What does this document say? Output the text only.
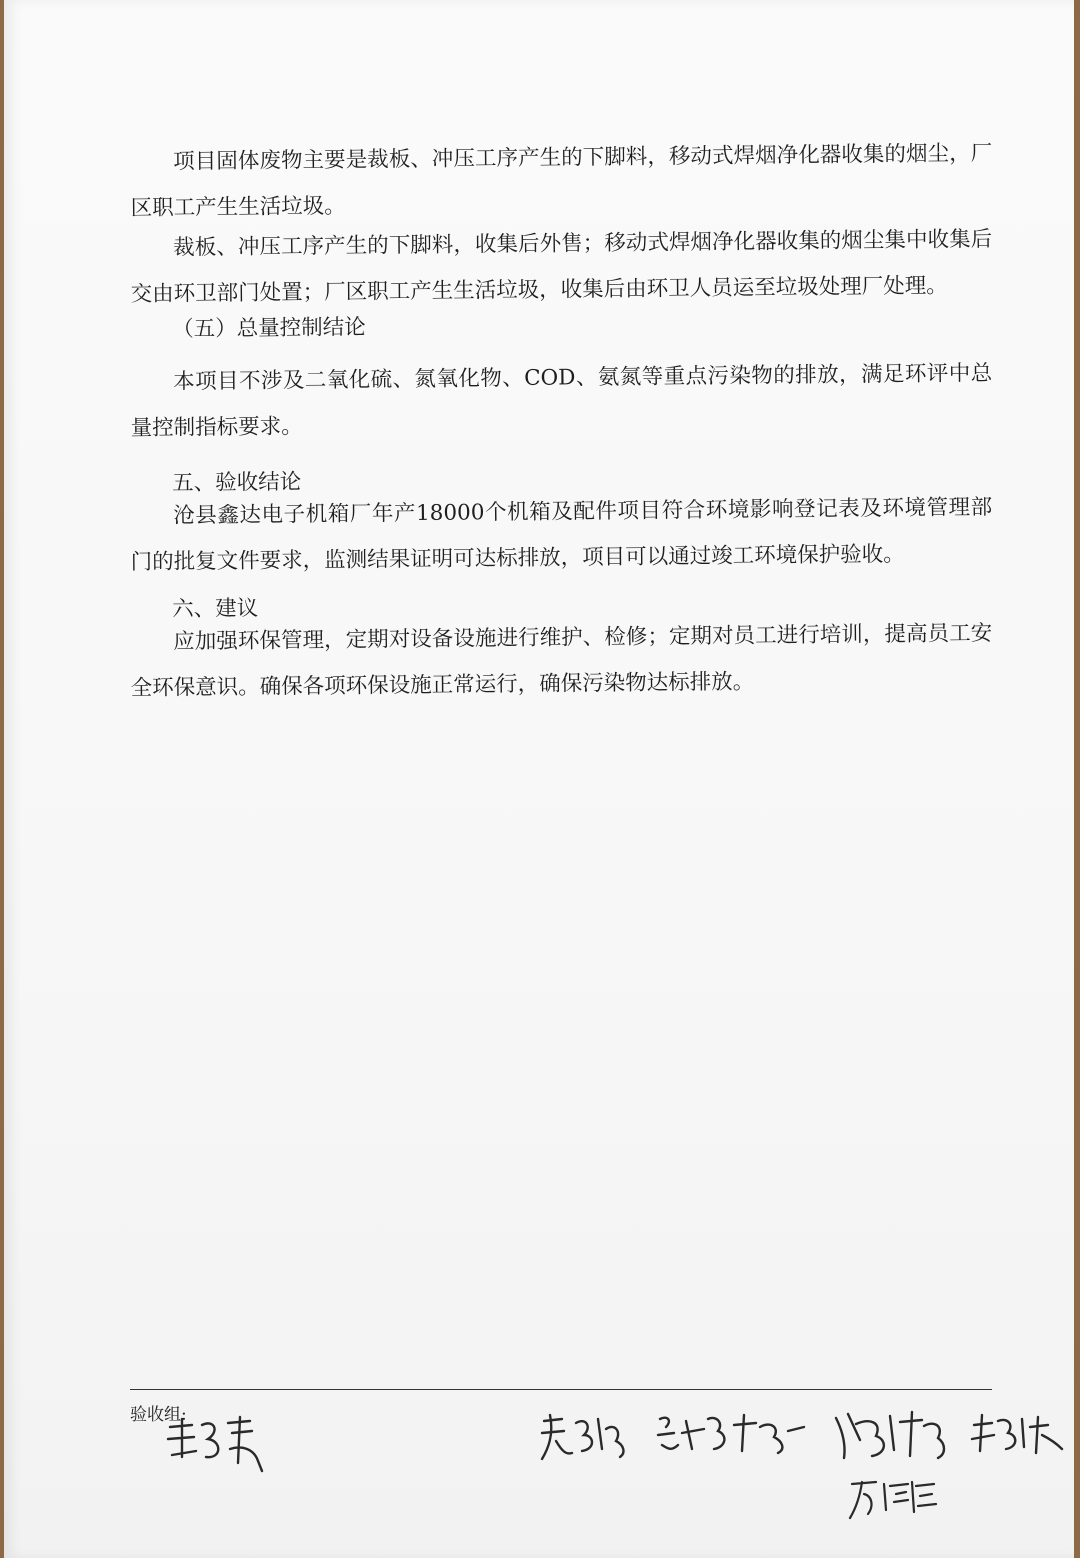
项目固体废物主要是裁板、冲压工序产生的下脚料，移动式焊烟净化器收集的烟尘，厂区职工产生生活垃圾。

裁板、冲压工序产生的下脚料，收集后外售；移动式焊烟净化器收集的烟尘集中收集后交由环卫部门处置；厂区职工产生生活垃圾，收集后由环卫人员运至垃圾处理厂处理。

（五）总量控制结论

本项目不涉及二氧化硫、氮氧化物、COD、氨氮等重点污染物的排放，满足环评中总量控制指标要求。

五、验收结论

沧县鑫达电子机箱厂年产18000个机箱及配件项目符合环境影响登记表及环境管理部门的批复文件要求，监测结果证明可达标排放，项目可以通过竣工环境保护验收。

六、建议

应加强环保管理，定期对设备设施进行维护、检修；定期对员工进行培训，提高员工安全环保意识。确保各项环保设施正常运行，确保污染物达标排放。

验收组:
